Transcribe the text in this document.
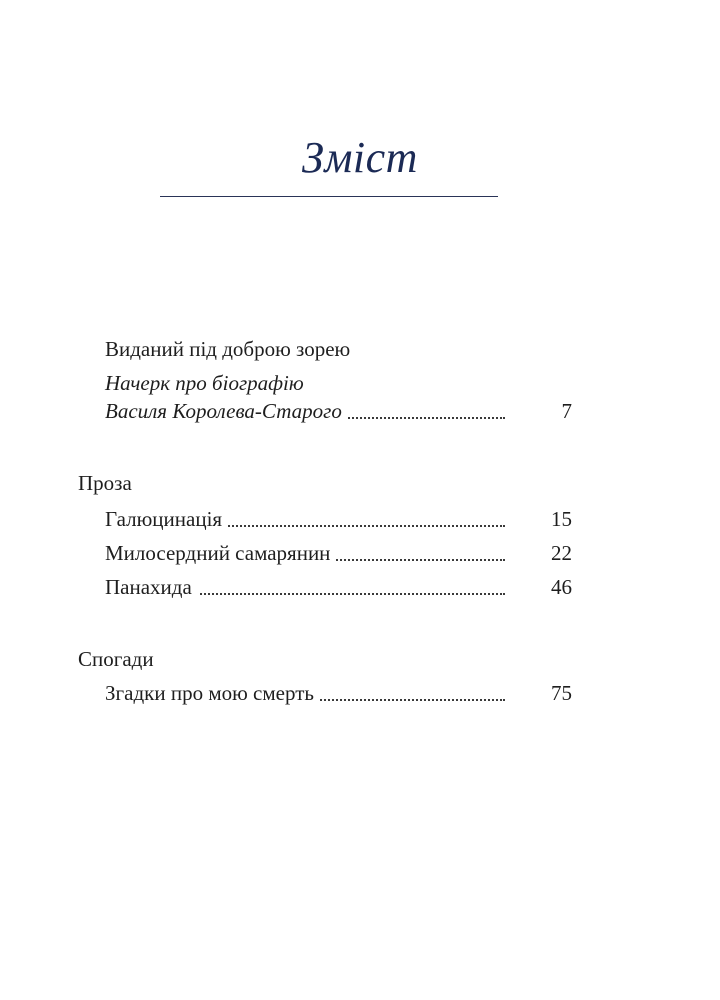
Зміст
Виданий під доброю зорею
Начерк про біографію
Василя Королева-Старого	7
Проза
Галюцинація	15
Милосердний самарянин	22
Панахида	46
Спогади
Згадки про мою смерть	75
